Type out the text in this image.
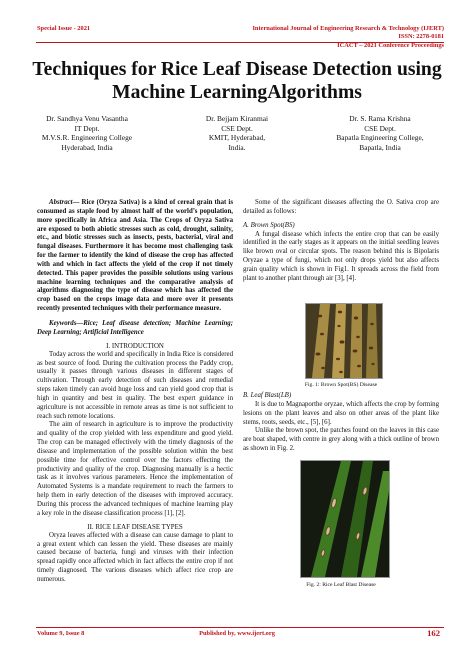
Special Issue - 2021	International Journal of Engineering Research & Technology (IJERT)
ISSN: 2278-0181
ICACT – 2021 Conference Proceedings
Techniques for Rice Leaf Disease Detection using
Machine LearningAlgorithms
Dr. Sandhya Venu Vasantha
IT Dept.
M.V.S.R. Engineering College
Hyderabad, India
Dr. Bejjam Kiranmai
CSE Dept.
KMIT, Hyderabad,
India.
Dr. S. Rama Krishna
CSE Dept.
Bapatla Engineering College,
Bapatla, India

Abstract— Rice (Oryza Sativa) is a kind of cereal grain that is consumed as staple food by almost half of the world’s population, more specifically in Africa and Asia. The Crops of Oryza Sativa are exposed to both abiotic stresses such as cold, drought, salinity, etc., and biotic stresses such as insects, pests, bacterial, viral and fungal diseases. Furthermore it has become most challenging task for the farmer to identify the kind of disease the crop has affected with and which in fact affects the yield of the crop if not timely detected. This paper provides the possible solutions using various machine learning techniques and the comparative analysis of algorithms diagnosing the type of disease which has affected the crop based on the crops image data and more over it presents recently presented techniques with their performance measure.

Keywords—Rice; Leaf disease detection; Machine Learning; Deep Learning; Artificial Intelligence

I. INTRODUCTION

Today across the world and specifically in India Rice is considered as best source of food. During the cultivation process the Paddy crop, usually it passes through various diseases in different stages of cultivation. Through early detection of such diseases and remedial steps taken timely can avoid huge loss and can yield good crop that is high in quantity and best in quality. The best expert guidance in agriculture is not accessible in remote areas as time is not sufficient to reach such remote locations.

The aim of research in agriculture is to improve the productivity and quality of the crop yielded with less expenditure and good yield. The crop can be managed effectively with the timely diagnosis of the disease and implementation of the possible solution within the best possible time for effective control over the factors effecting the productivity and quality of the crop. Diagnosing manually is a hectic task as it involves various parameters. Hence the implementation of Automated Systems is a mandate requirement to reach the farmers to help them in early detection of the diseases with improved accuracy. During this process the advanced techniques of machine learning play a key role in the disease classification process [1], [2].

II. RICE LEAF DISEASE TYPES

Oryza leaves affected with a disease can cause damage to plant to a great extent which can lessen the yield. These diseases are mainly caused because of bacteria, fungi and viruses with their infection spread rapidly once affected which in fact affects the entire crop if not timely diagnosed. The various diseases which affect rice crop are numerous.

Some of the significant diseases affecting the O. Sativa crop are detailed as follows:

A. Brown Spot(BS)

A fungal disease which infects the entire crop that can be easily identified in the early stages as it appears on the initial seedling leaves like brown oval or circular spots. The reason behind this is Bipolaris Oryzae a type of fungi, which not only drops yield but also affects grain quality which is shown in Fig1. It spreads across the field from plant to another plant through air [3], [4].

Fig. 1: Brown Spot(BS) Disease

B. Leaf Blast(LB)

It is due to Magnaporthe oryzae, which affects the crop by forming lesions on the plant leaves and also on other areas of the plant like stems, roots, seeds, etc., [5], [6].

Unlike the brown spot, the patches found on the leaves in this case are boat shaped, with centre in grey along with a thick outline of brown as shown in Fig. 2.

Fig. 2: Rice Leaf Blast Disease
Volume 9, Issue 8	Published by, www.ijert.org	162
